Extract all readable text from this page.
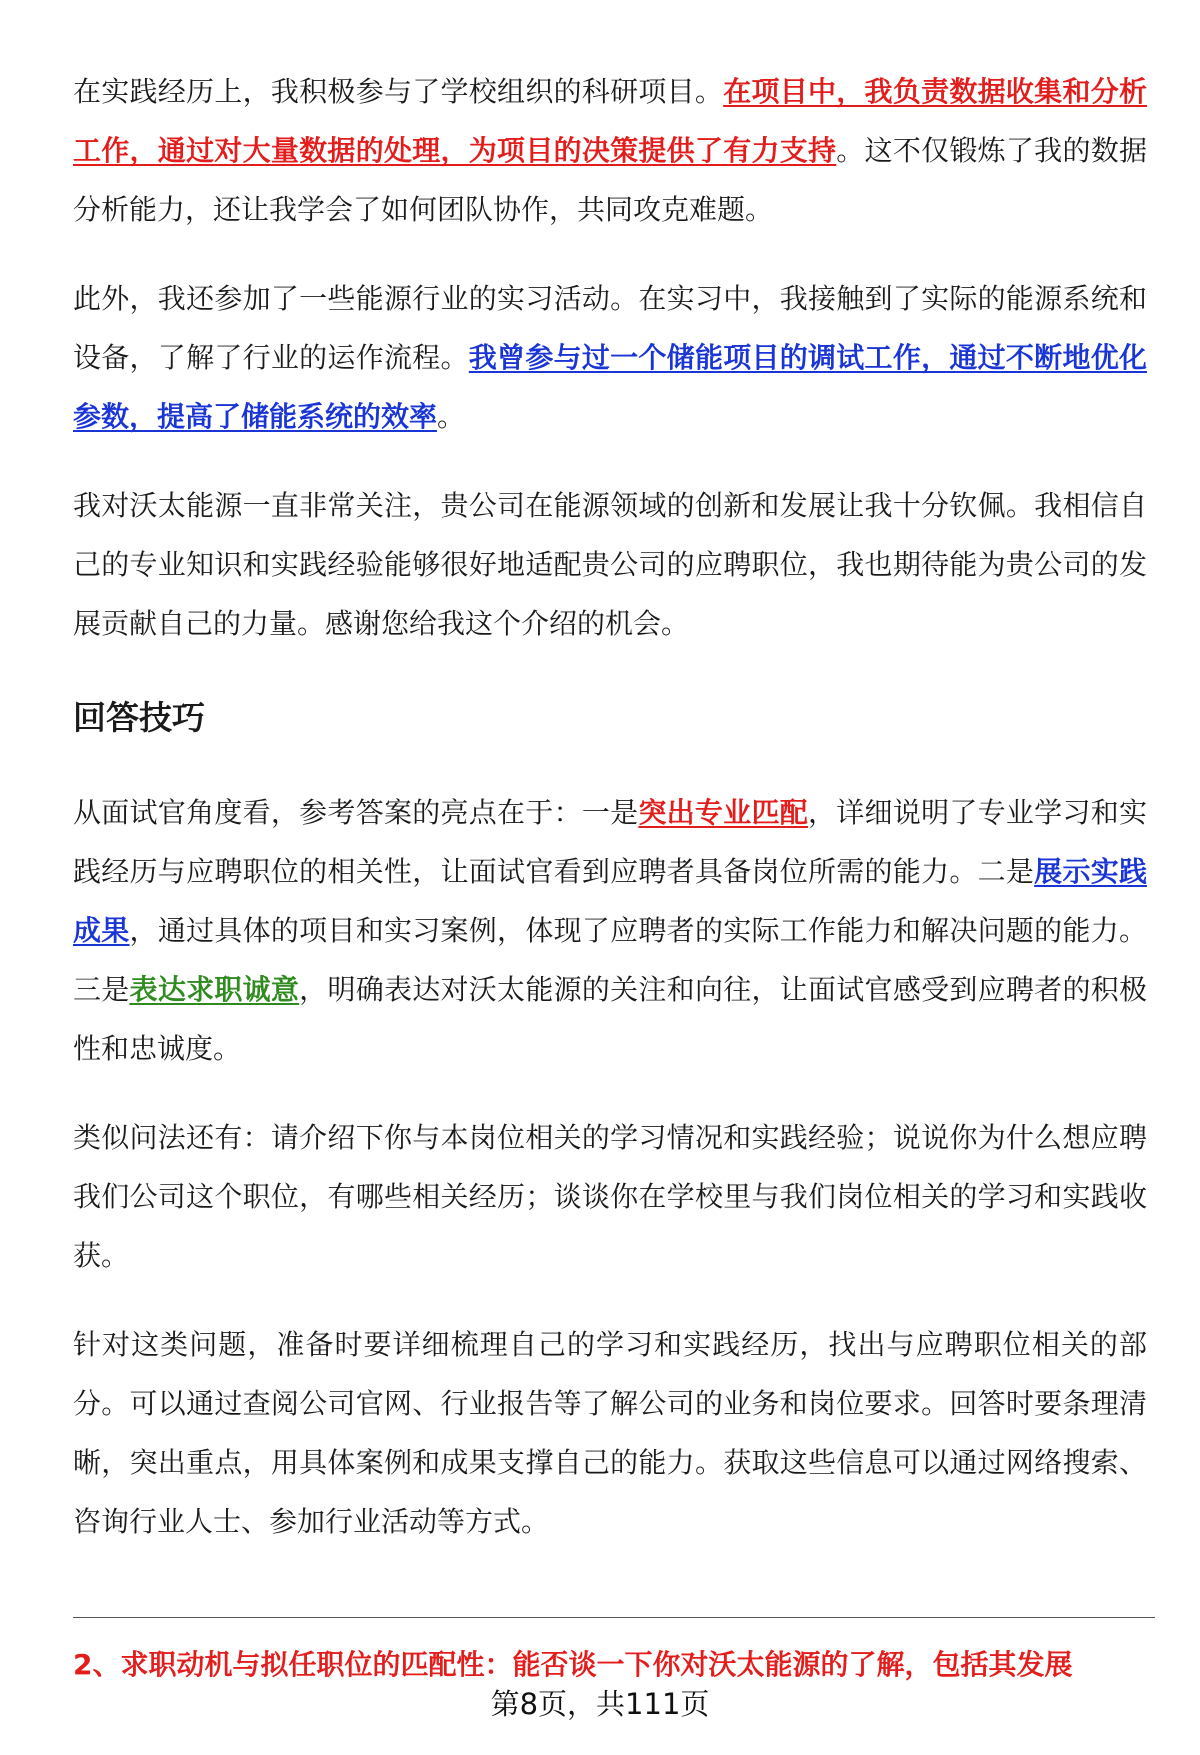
在实践经历上，我积极参与了学校组织的科研项目。在项目中，我负责数据收集和分析工作，通过对大量数据的处理，为项目的决策提供了有力支持。这不仅锻炼了我的数据分析能力，还让我学会了如何团队协作，共同攻克难题。

此外，我还参加了一些能源行业的实习活动。在实习中，我接触到了实际的能源系统和设备，了解了行业的运作流程。我曾参与过一个储能项目的调试工作，通过不断地优化参数，提高了储能系统的效率。

我对沃太能源一直非常关注，贵公司在能源领域的创新和发展让我十分钦佩。我相信自己的专业知识和实践经验能够很好地适配贵公司的应聘职位，我也期待能为贵公司的发展贡献自己的力量。感谢您给我这个介绍的机会。

回答技巧

从面试官角度看，参考答案的亮点在于：一是突出专业匹配，详细说明了专业学习和实践经历与应聘职位的相关性，让面试官看到应聘者具备岗位所需的能力。二是展示实践成果，通过具体的项目和实习案例，体现了应聘者的实际工作能力和解决问题的能力。三是表达求职诚意，明确表达对沃太能源的关注和向往，让面试官感受到应聘者的积极性和忠诚度。

类似问法还有：请介绍下你与本岗位相关的学习情况和实践经验；说说你为什么想应聘我们公司这个职位，有哪些相关经历；谈谈你在学校里与我们岗位相关的学习和实践收获。

针对这类问题，准备时要详细梳理自己的学习和实践经历，找出与应聘职位相关的部分。可以通过查阅公司官网、行业报告等了解公司的业务和岗位要求。回答时要条理清晰，突出重点，用具体案例和成果支撑自己的能力。获取这些信息可以通过网络搜索、咨询行业人士、参加行业活动等方式。

2、求职动机与拟任职位的匹配性：能否谈一下你对沃太能源的了解，包括其发展
第8页，共111页
